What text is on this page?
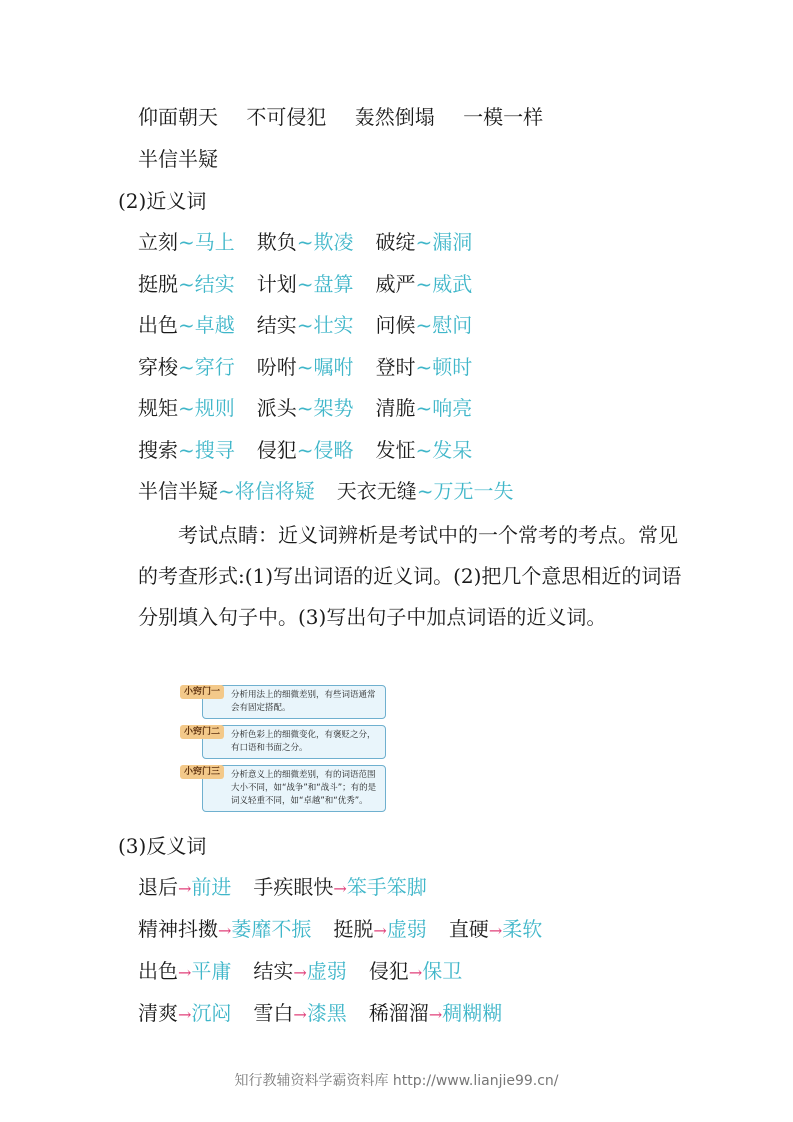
仰面朝天 不可侵犯 轰然倒塌 一模一样
半信半疑
(2)近义词
立刻~马上 欺负~欺凌 破绽~漏洞
挺脱~结实 计划~盘算 威严~威武
出色~卓越 结实~壮实 问候~慰问
穿梭~穿行 吩咐~嘱咐 登时~顿时
规矩~规则 派头~架势 清脆~响亮
搜索~搜寻 侵犯~侵略 发怔~发呆
半信半疑~将信将疑 天衣无缝~万无一失

考试点睛：近义词辨析是考试中的一个常考的考点。常见的考查形式:(1)写出词语的近义词。(2)把几个意思相近的词语分别填入句子中。(3)写出句子中加点词语的近义词。

小窍门一	分析用法上的细微差别，有些词语通常会有固定搭配。
小窍门二	分析色彩上的细微变化，有褒贬之分，有口语和书面之分。
小窍门三	分析意义上的细微差别，有的词语范围大小不同，如“战争”和“战斗”；有的是词义轻重不同，如“卓越”和“优秀”。
(3)反义词
退后→前进 手疾眼快→笨手笨脚
精神抖擞→萎靡不振 挺脱→虚弱 直硬→柔软
出色→平庸 结实→虚弱 侵犯→保卫
清爽→沉闷 雪白→漆黑 稀溜溜→稠糊糊
知行教辅资料学霸资料库 http://www.lianjie99.cn/
